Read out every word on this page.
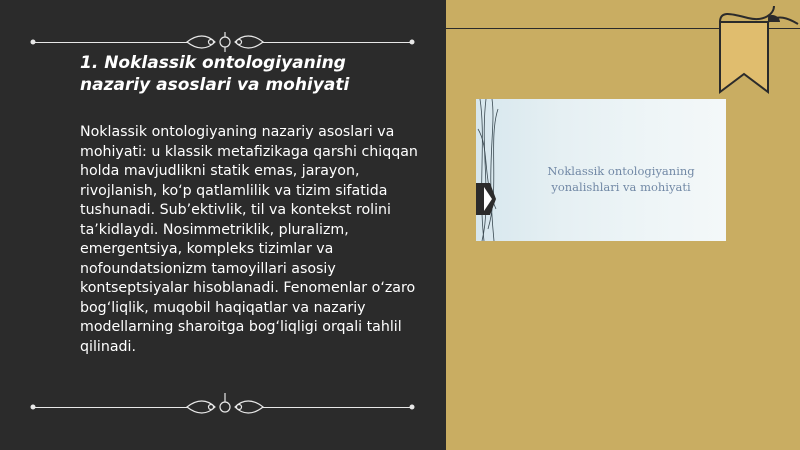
1. Noklassik ontologiyaning nazariy asoslari va mohiyati

Noklassik ontologiyaning nazariy asoslari va mohiyati: u klassik metafizikaga qarshi chiqqan holda mavjudlikni statik emas, jarayon, rivojlanish, ko‘p qatlamlilik va tizim sifatida tushunadi. Sub’ektivlik, til va kontekst rolini ta’kidlaydi. Nosimmetriklik, pluralizm, emergentsiya, kompleks tizimlar va nofoundatsionizm tamoyillari asosiy kontseptsiyalar hisoblanadi. Fenomenlar o‘zaro bog‘liqlik, muqobil haqiqatlar va nazariy modellarning sharoitga bog‘liqligi orqali tahlil qilinadi.

Noklassik ontologiyaning yonalishlari va mohiyati
